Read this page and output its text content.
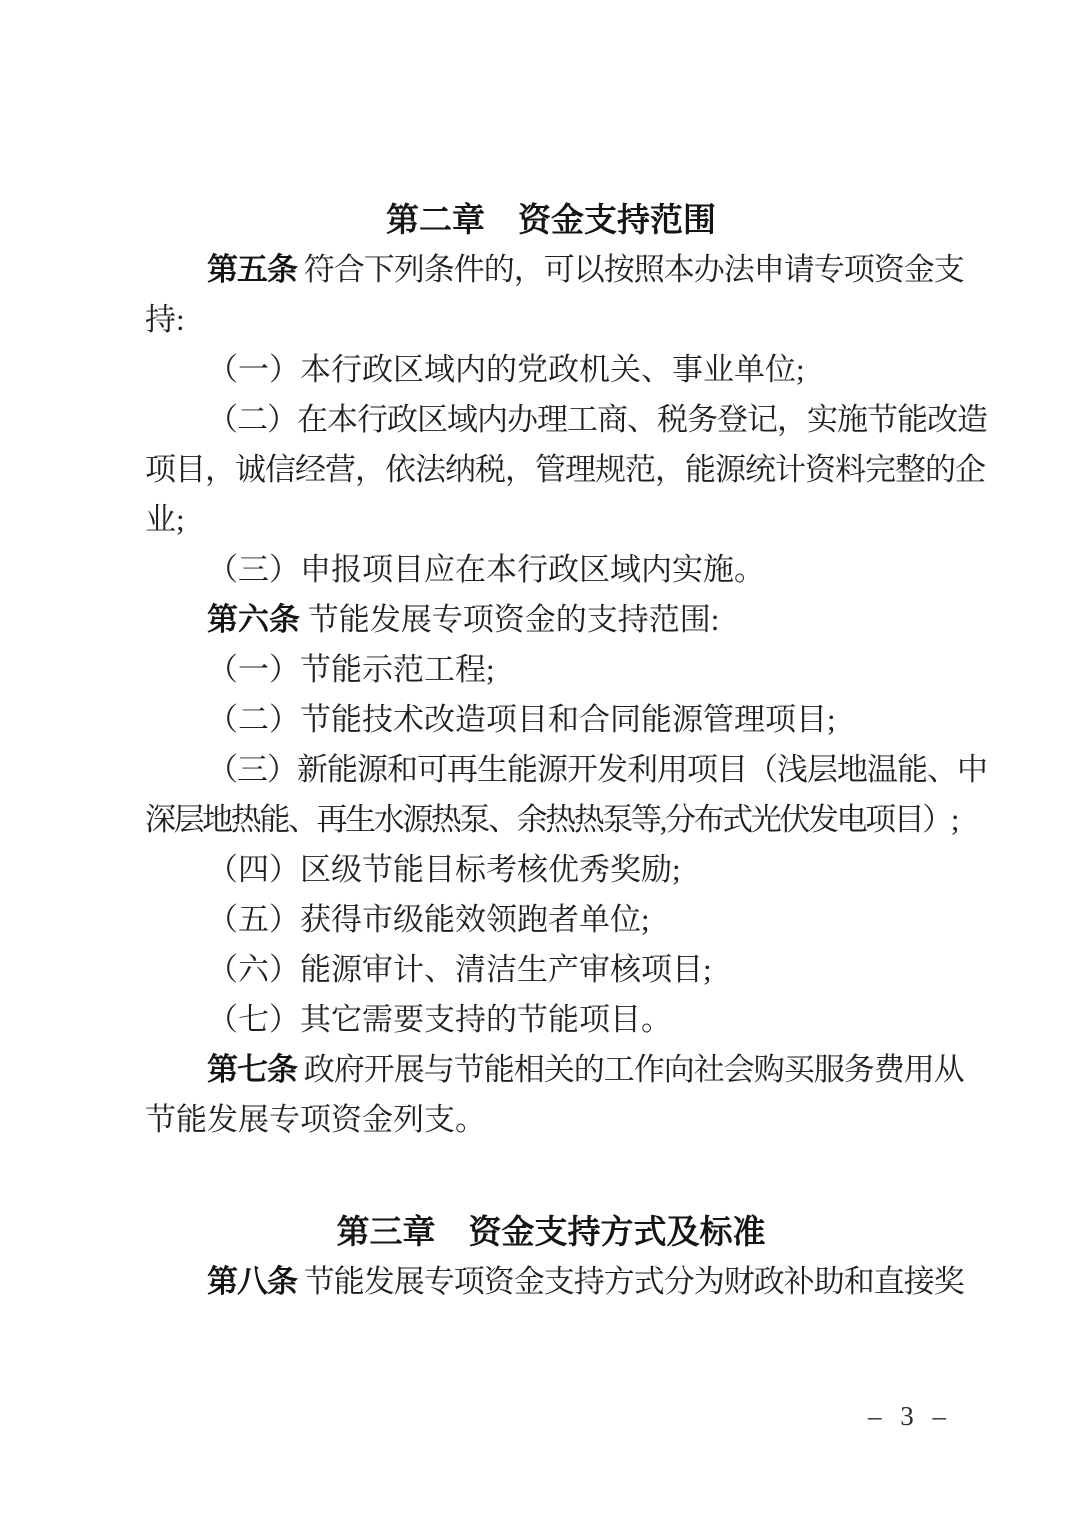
第二章　资金支持范围
第五条 符合下列条件的，可以按照本办法申请专项资金支
持:
（一）本行政区域内的党政机关、事业单位;
（二）在本行政区域内办理工商、税务登记，实施节能改造
项目，诚信经营，依法纳税，管理规范，能源统计资料完整的企
业;
（三）申报项目应在本行政区域内实施。
第六条 节能发展专项资金的支持范围:
（一）节能示范工程;
（二）节能技术改造项目和合同能源管理项目;
（三）新能源和可再生能源开发利用项目（浅层地温能、中
深层地热能、再生水源热泵、余热热泵等,分布式光伏发电项目）;
（四）区级节能目标考核优秀奖励;
（五）获得市级能效领跑者单位;
（六）能源审计、清洁生产审核项目;
（七）其它需要支持的节能项目。
第七条 政府开展与节能相关的工作向社会购买服务费用从
节能发展专项资金列支。
第三章　资金支持方式及标准
第八条 节能发展专项资金支持方式分为财政补助和直接奖
– 3 –
